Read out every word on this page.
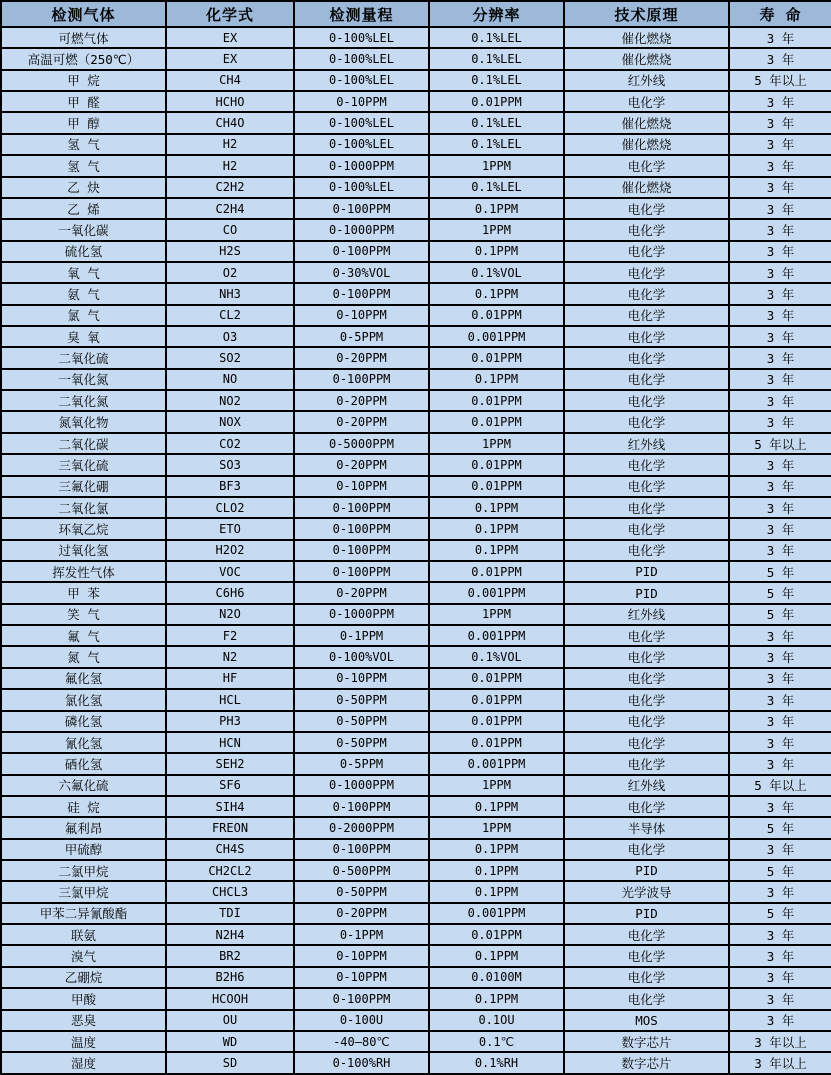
检测气体	化学式	检测量程	分辨率	技术原理	寿 命
可燃气体	EX	0-100%LEL	0.1%LEL	催化燃烧	3 年
高温可燃（250℃）	EX	0-100%LEL	0.1%LEL	催化燃烧	3 年
甲 烷	CH4	0-100%LEL	0.1%LEL	红外线	5 年以上
甲 醛	HCHO	0-10PPM	0.01PPM	电化学	3 年
甲 醇	CH4O	0-100%LEL	0.1%LEL	催化燃烧	3 年
氢 气	H2	0-100%LEL	0.1%LEL	催化燃烧	3 年
氢 气	H2	0-1000PPM	1PPM	电化学	3 年
乙 炔	C2H2	0-100%LEL	0.1%LEL	催化燃烧	3 年
乙 烯	C2H4	0-100PPM	0.1PPM	电化学	3 年
一氧化碳	CO	0-1000PPM	1PPM	电化学	3 年
硫化氢	H2S	0-100PPM	0.1PPM	电化学	3 年
氧 气	O2	0-30%VOL	0.1%VOL	电化学	3 年
氨 气	NH3	0-100PPM	0.1PPM	电化学	3 年
氯 气	CL2	0-10PPM	0.01PPM	电化学	3 年
臭 氧	O3	0-5PPM	0.001PPM	电化学	3 年
二氧化硫	SO2	0-20PPM	0.01PPM	电化学	3 年
一氧化氮	NO	0-100PPM	0.1PPM	电化学	3 年
二氧化氮	NO2	0-20PPM	0.01PPM	电化学	3 年
氮氧化物	NOX	0-20PPM	0.01PPM	电化学	3 年
二氧化碳	CO2	0-5000PPM	1PPM	红外线	5 年以上
三氧化硫	SO3	0-20PPM	0.01PPM	电化学	3 年
三氟化硼	BF3	0-10PPM	0.01PPM	电化学	3 年
二氧化氯	CLO2	0-100PPM	0.1PPM	电化学	3 年
环氧乙烷	ETO	0-100PPM	0.1PPM	电化学	3 年
过氧化氢	H2O2	0-100PPM	0.1PPM	电化学	3 年
挥发性气体	VOC	0-100PPM	0.01PPM	PID	5 年
甲 苯	C6H6	0-20PPM	0.001PPM	PID	5 年
笑 气	N2O	0-1000PPM	1PPM	红外线	5 年
氟 气	F2	0-1PPM	0.001PPM	电化学	3 年
氮 气	N2	0-100%VOL	0.1%VOL	电化学	3 年
氟化氢	HF	0-10PPM	0.01PPM	电化学	3 年
氯化氢	HCL	0-50PPM	0.01PPM	电化学	3 年
磷化氢	PH3	0-50PPM	0.01PPM	电化学	3 年
氰化氢	HCN	0-50PPM	0.01PPM	电化学	3 年
硒化氢	SEH2	0-5PPM	0.001PPM	电化学	3 年
六氟化硫	SF6	0-1000PPM	1PPM	红外线	5 年以上
硅 烷	SIH4	0-100PPM	0.1PPM	电化学	3 年
氟利昂	FREON	0-2000PPM	1PPM	半导体	5 年
甲硫醇	CH4S	0-100PPM	0.1PPM	电化学	3 年
二氯甲烷	CH2CL2	0-500PPM	0.1PPM	PID	5 年
三氯甲烷	CHCL3	0-50PPM	0.1PPM	光学波导	3 年
甲苯二异氰酸酯	TDI	0-20PPM	0.001PPM	PID	5 年
联氨	N2H4	0-1PPM	0.01PPM	电化学	3 年
溴气	BR2	0-10PPM	0.1PPM	电化学	3 年
乙硼烷	B2H6	0-10PPM	0.0100M	电化学	3 年
甲酸	HCOOH	0-100PPM	0.1PPM	电化学	3 年
恶臭	OU	0-100U	0.1OU	MOS	3 年
温度	WD	-40—80℃	0.1℃	数字芯片	3 年以上
湿度	SD	0-100%RH	0.1%RH	数字芯片	3 年以上
